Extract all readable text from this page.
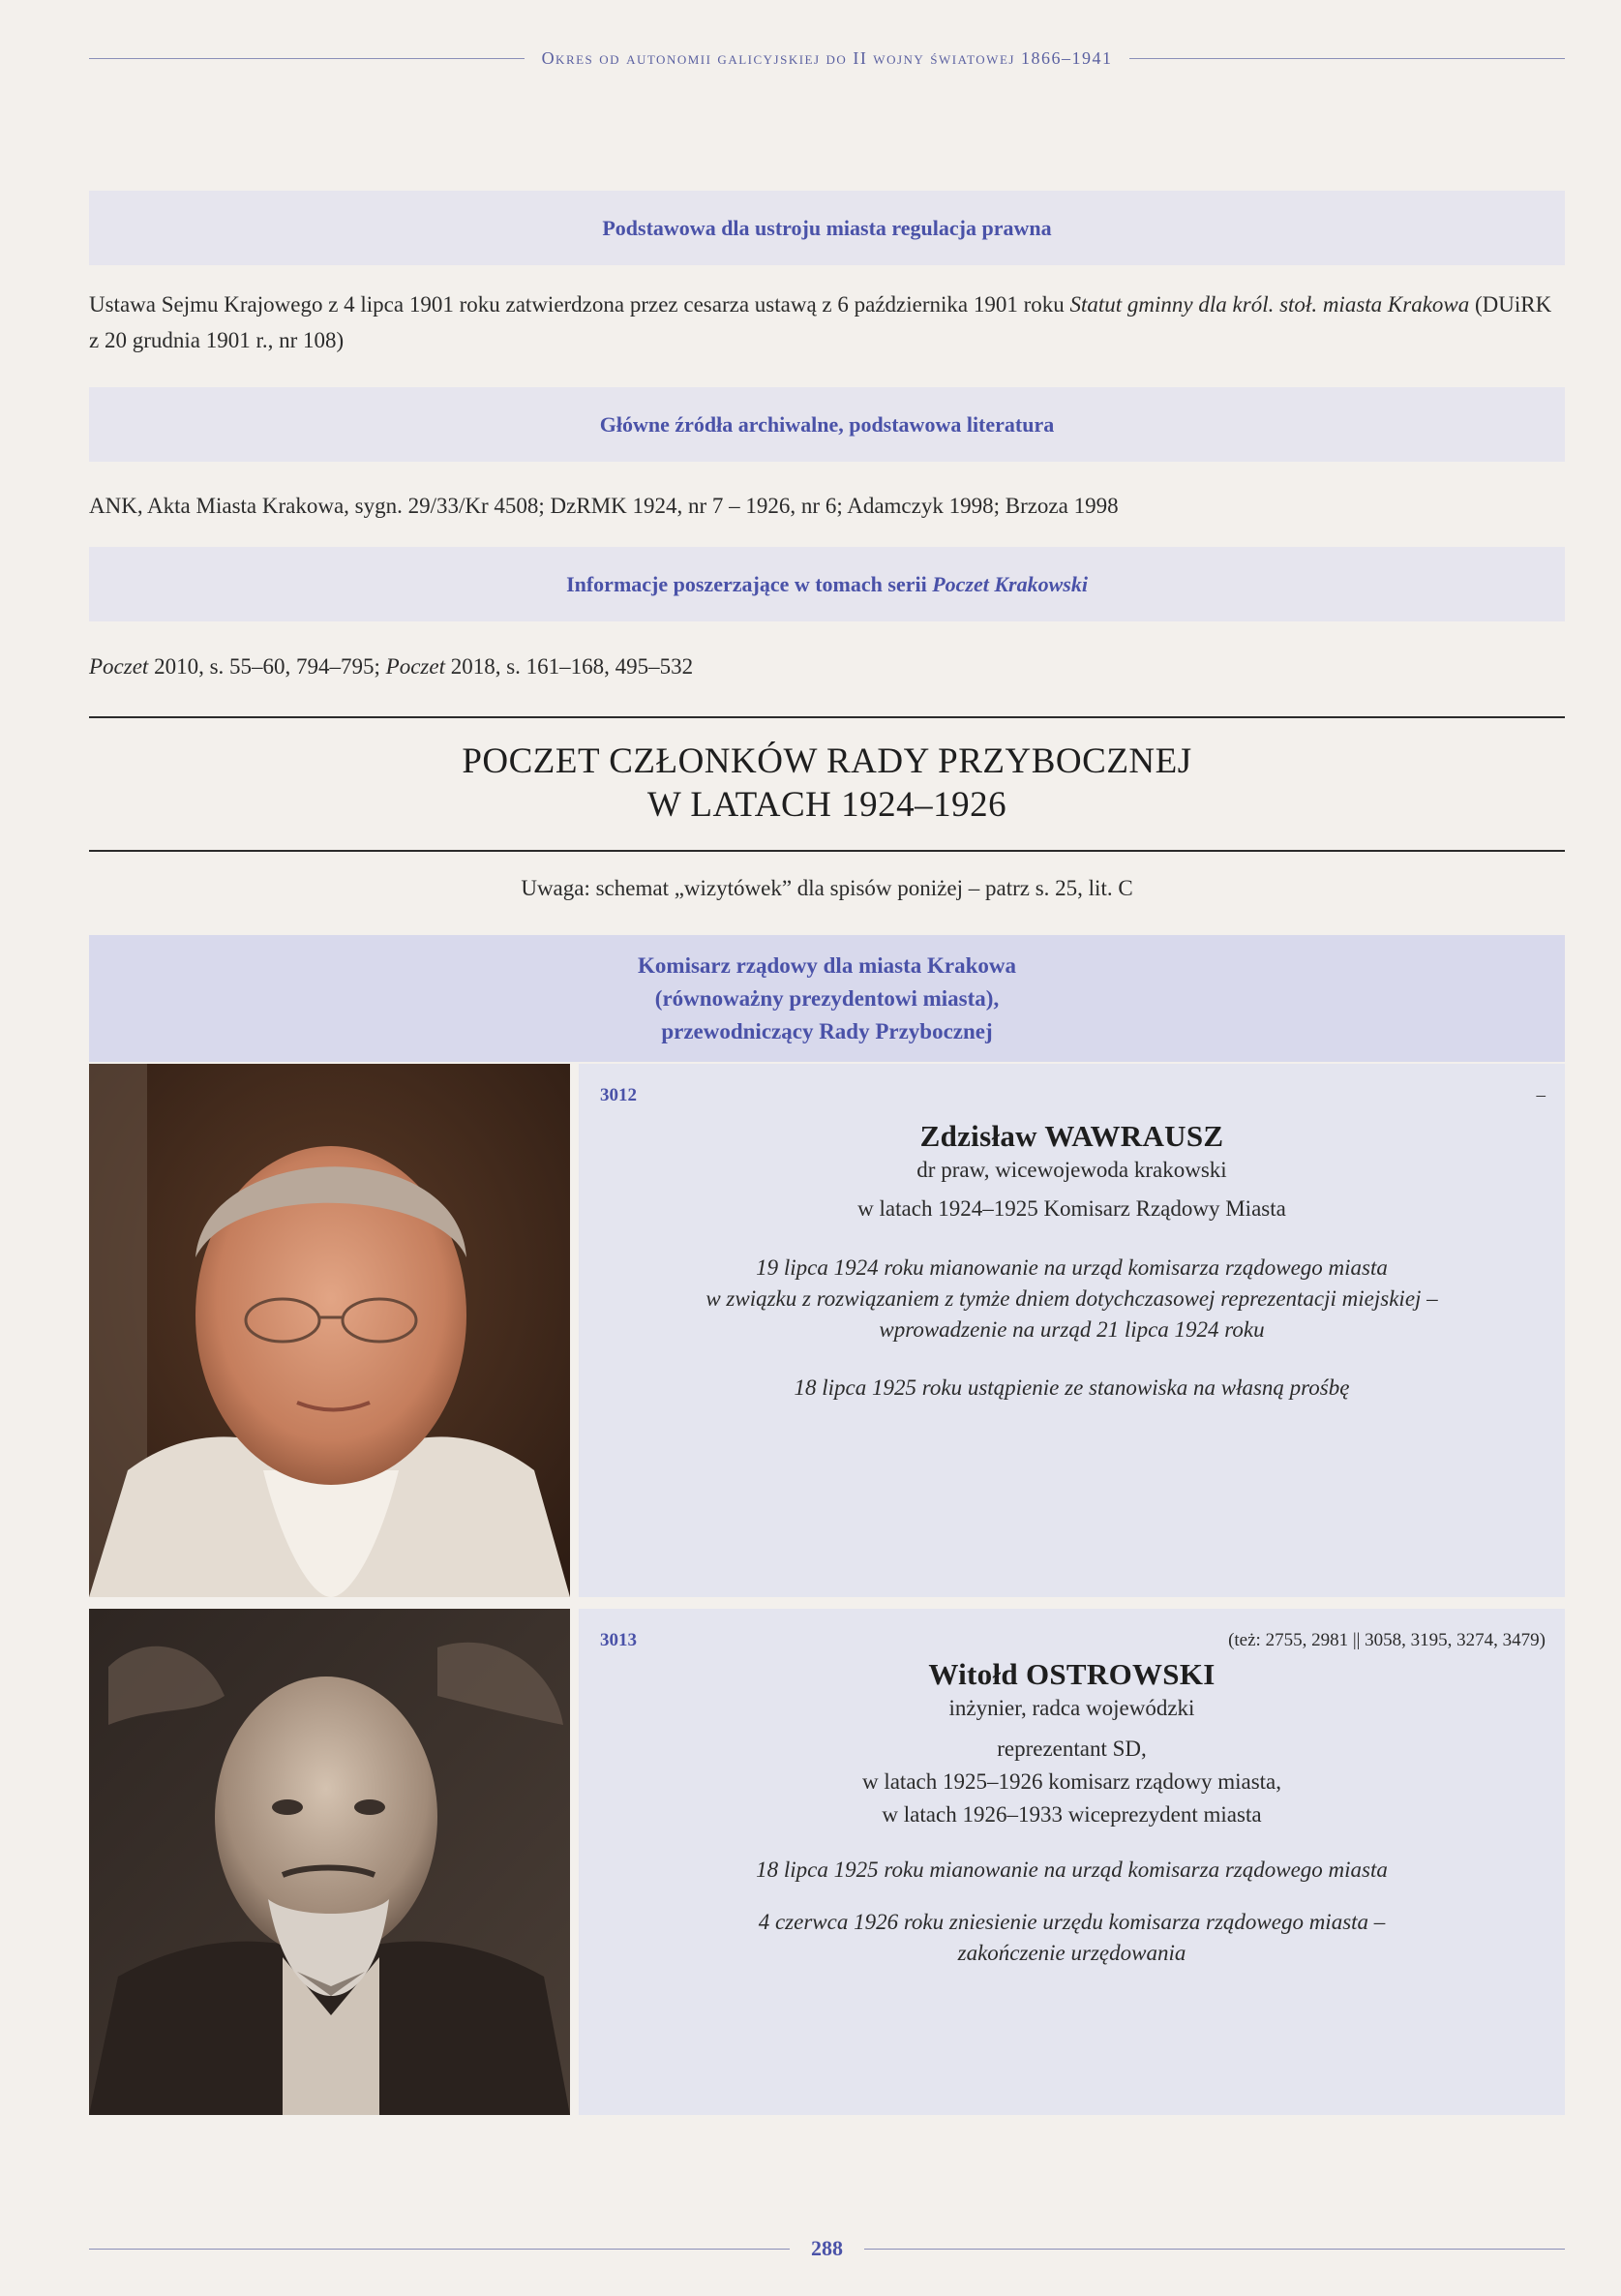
Okres od autonomii galicyjskiej do II wojny światowej 1866–1941
Podstawowa dla ustroju miasta regulacja prawna
Ustawa Sejmu Krajowego z 4 lipca 1901 roku zatwierdzona przez cesarza ustawą z 6 października 1901 roku Statut gminny dla król. stoł. miasta Krakowa (DUiRK z 20 grudnia 1901 r., nr 108)
Główne źródła archiwalne, podstawowa literatura
ANK, Akta Miasta Krakowa, sygn. 29/33/Kr 4508; DzRMK 1924, nr 7 – 1926, nr 6; Adamczyk 1998; Brzoza 1998
Informacje poszerzające w tomach serii
Poczet Krakowski
Poczet 2010, s. 55–60, 794–795; Poczet 2018, s. 161–168, 495–532
POCZET CZŁONKÓW RADY PRZYBOCZNEJ
W LATACH 1924–1926
Uwaga: schemat „wizytówek” dla spisów poniżej – patrz s. 25, lit. C
Komisarz rządowy dla miasta Krakowa
(równoważny prezydentowi miasta),
przewodniczący Rady Przybocznej
3012	–
Zdzisław WAWRAUSZ
dr praw, wicewojewoda krakowski
w latach 1924–1925 Komisarz Rządowy Miasta
19 lipca 1924 roku mianowanie na urząd komisarza rządowego miasta
w związku z rozwiązaniem z tymże dniem dotychczasowej reprezentacji miejskiej –
wprowadzenie na urząd 21 lipca 1924 roku
18 lipca 1925 roku ustąpienie ze stanowiska na własną prośbę
3013	(też: 2755, 2981 || 3058, 3195, 3274, 3479)
Witołd OSTROWSKI
inżynier, radca wojewódzki
reprezentant SD,
w latach 1925–1926 komisarz rządowy miasta,
w latach 1926–1933 wiceprezydent miasta
18 lipca 1925 roku mianowanie na urząd komisarza rządowego miasta
4 czerwca 1926 roku zniesienie urzędu komisarza rządowego miasta –
zakończenie urzędowania
288
